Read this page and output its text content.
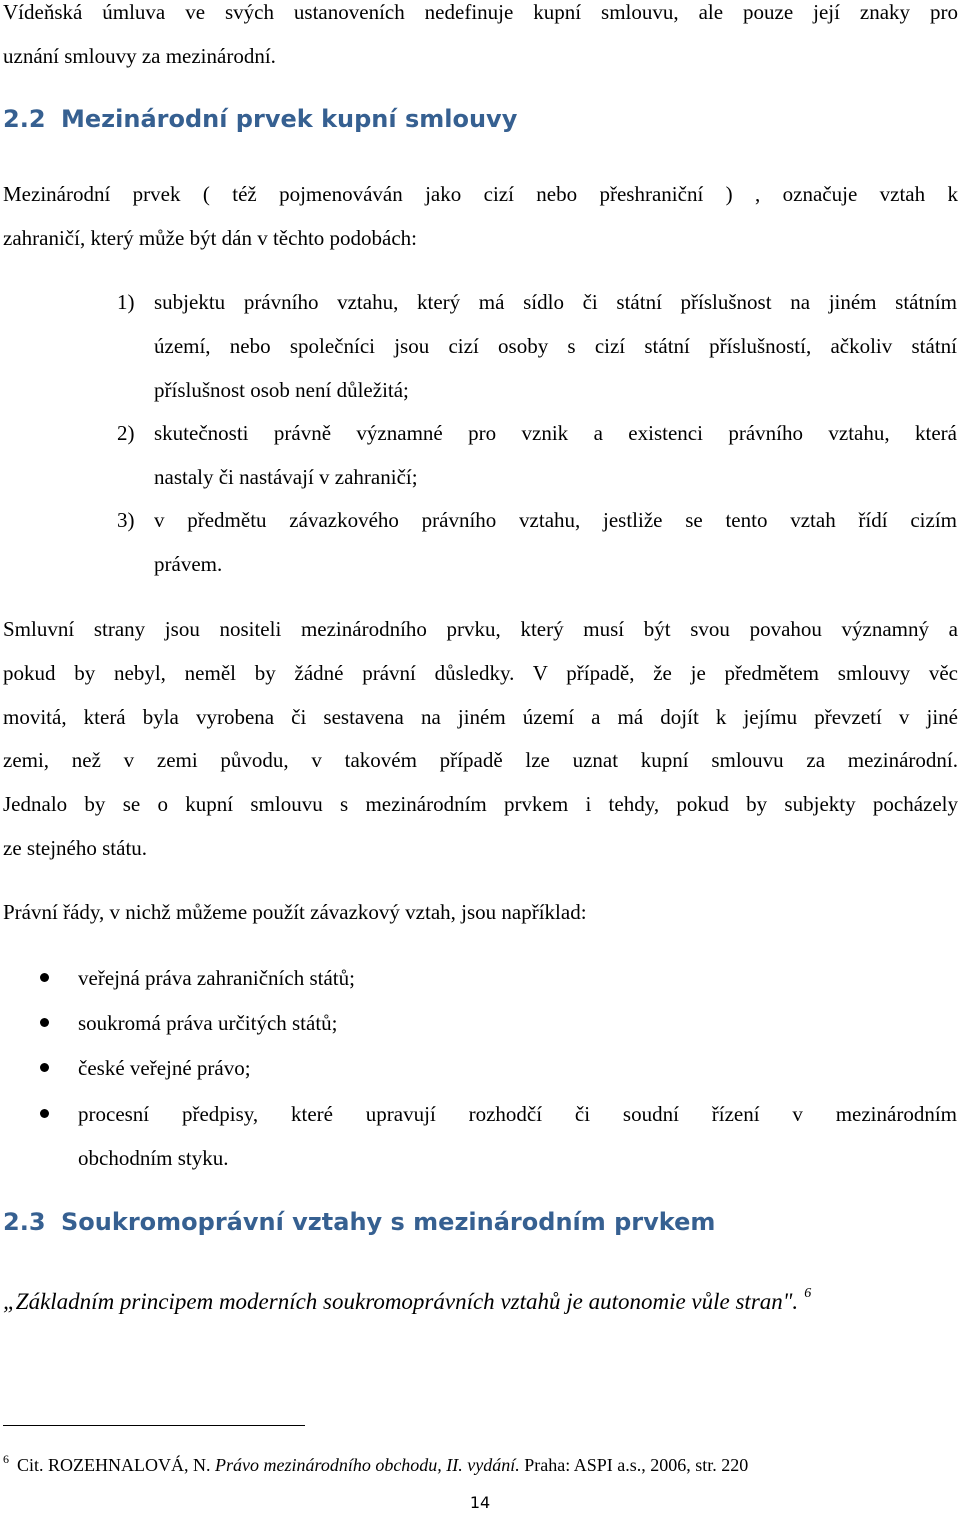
Vídeňská úmluva ve svých ustanoveních nedefinuje kupní smlouvu, ale pouze její znaky pro
uznání smlouvy za mezinárodní.
2.2 Mezinárodní prvek kupní smlouvy
Mezinárodní prvek ( též pojmenováván jako cizí nebo přeshraniční ) , označuje vztah k
zahraničí, který může být dán v těchto podobách:
1) subjektu právního vztahu, který má sídlo či státní příslušnost na jiném státním
území, nebo společníci jsou cizí osoby s cizí státní příslušností, ačkoliv státní
příslušnost osob není důležitá;
2) skutečnosti právně významné pro vznik a existenci právního vztahu, která
nastaly či nastávají v zahraničí;
3) v předmětu závazkového právního vztahu, jestliže se tento vztah řídí cizím
právem.
Smluvní strany jsou nositeli mezinárodního prvku, který musí být svou povahou významný a
pokud by nebyl, neměl by žádné právní důsledky. V případě, že je předmětem smlouvy věc
movitá, která byla vyrobena či sestavena na jiném území a má dojít k jejímu převzetí v jiné
zemi, než v zemi původu, v takovém případě lze uznat kupní smlouvu za mezinárodní.
Jednalo by se o kupní smlouvu s mezinárodním prvkem i tehdy, pokud by subjekty pocházely
ze stejného státu.
Právní řády, v nichž můžeme použít závazkový vztah, jsou například:
veřejná práva zahraničních států;
soukromá práva určitých států;
české veřejné právo;
procesní předpisy, které upravují rozhodčí či soudní řízení v mezinárodním
obchodním styku.
2.3 Soukromoprávní vztahy s mezinárodním prvkem
„Základním principem moderních soukromoprávních vztahů je autonomie vůle stran". $^6$
$^6$ Cit. ROZEHNALOVÁ, N. Právo mezinárodního obchodu, II. vydání. Praha: ASPI a.s., 2006, str. 220
14
